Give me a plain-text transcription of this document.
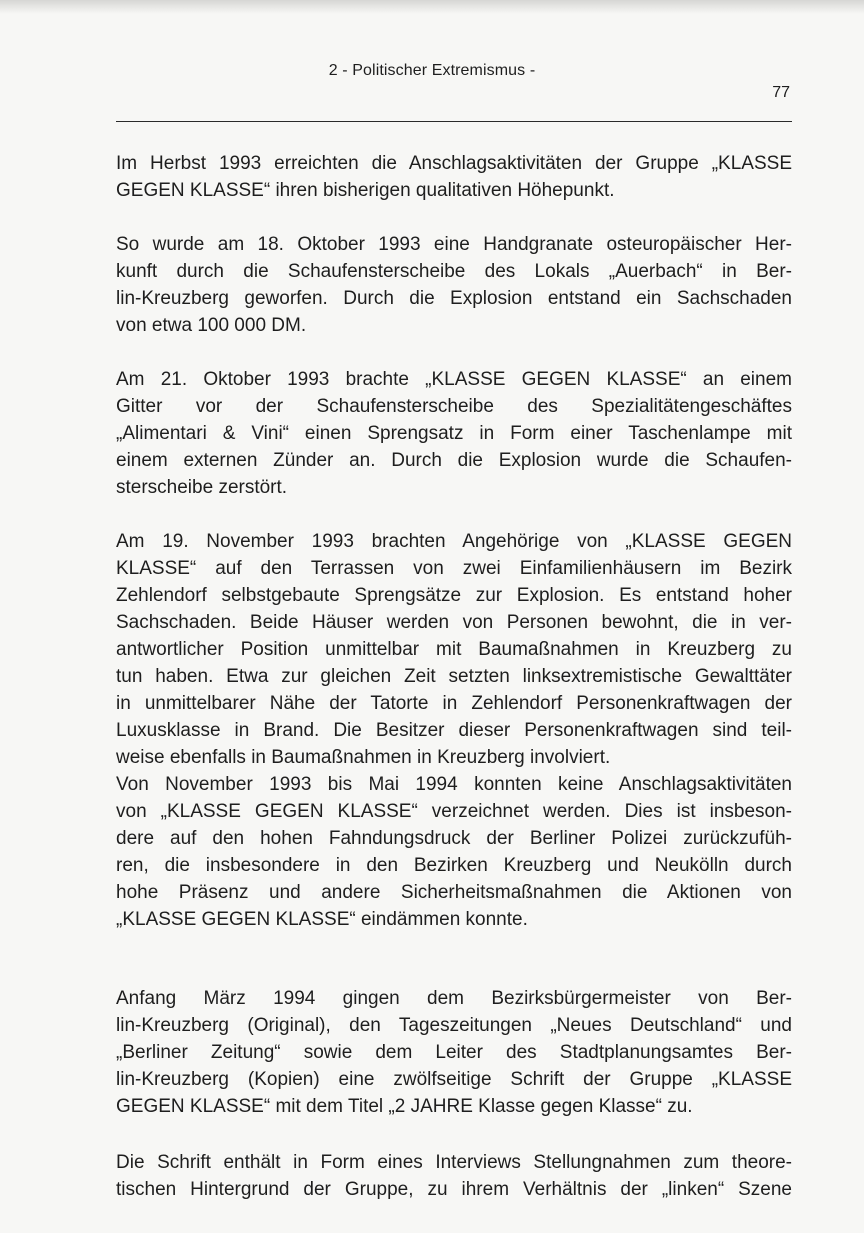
2 - Politischer Extremismus -
77

Im Herbst 1993 erreichten die Anschlagsaktivitäten der Gruppe „KLASSE
GEGEN KLASSE“ ihren bisherigen qualitativen Höhepunkt.

So wurde am 18. Oktober 1993 eine Handgranate osteuropäischer Her-
kunft durch die Schaufensterscheibe des Lokals „Auerbach“ in Ber-
lin-Kreuzberg geworfen. Durch die Explosion entstand ein Sachschaden
von etwa 100 000 DM.

Am 21. Oktober 1993 brachte „KLASSE GEGEN KLASSE“ an einem
Gitter vor der Schaufensterscheibe des Spezialitätengeschäftes
„Alimentari & Vini“ einen Sprengsatz in Form einer Taschenlampe mit
einem externen Zünder an. Durch die Explosion wurde die Schaufen-
sterscheibe zerstört.

Am 19. November 1993 brachten Angehörige von „KLASSE GEGEN
KLASSE“ auf den Terrassen von zwei Einfamilienhäusern im Bezirk
Zehlendorf selbstgebaute Sprengsätze zur Explosion. Es entstand hoher
Sachschaden. Beide Häuser werden von Personen bewohnt, die in ver-
antwortlicher Position unmittelbar mit Baumaßnahmen in Kreuzberg zu
tun haben. Etwa zur gleichen Zeit setzten linksextremistische Gewalttäter
in unmittelbarer Nähe der Tatorte in Zehlendorf Personenkraftwagen der
Luxusklasse in Brand. Die Besitzer dieser Personenkraftwagen sind teil-
weise ebenfalls in Baumaßnahmen in Kreuzberg involviert.

Von November 1993 bis Mai 1994 konnten keine Anschlagsaktivitäten
von „KLASSE GEGEN KLASSE“ verzeichnet werden. Dies ist insbeson-
dere auf den hohen Fahndungsdruck der Berliner Polizei zurückzufüh-
ren, die insbesondere in den Bezirken Kreuzberg und Neukölln durch
hohe Präsenz und andere Sicherheitsmaßnahmen die Aktionen von
„KLASSE GEGEN KLASSE“ eindämmen konnte.

Anfang März 1994 gingen dem Bezirksbürgermeister von Ber-
lin-Kreuzberg (Original), den Tageszeitungen „Neues Deutschland“ und
„Berliner Zeitung“ sowie dem Leiter des Stadtplanungsamtes Ber-
lin-Kreuzberg (Kopien) eine zwölfseitige Schrift der Gruppe „KLASSE
GEGEN KLASSE“ mit dem Titel „2 JAHRE Klasse gegen Klasse“ zu.

Die Schrift enthält in Form eines Interviews Stellungnahmen zum theore-
tischen Hintergrund der Gruppe, zu ihrem Verhältnis der „linken“ Szene
